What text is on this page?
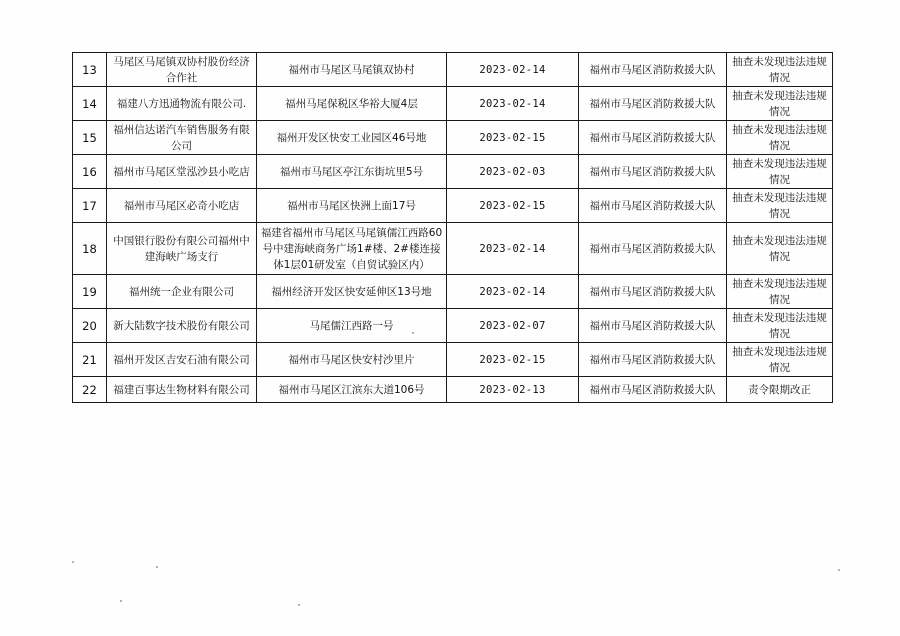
13	马尾区马尾镇双协村股份经济合作社	福州市马尾区马尾镇双协村	2023-02-14	福州市马尾区消防救援大队	抽查未发现违法违规情况
14	福建八方迅通物流有限公司.	福州马尾保税区华裕大厦4层	2023-02-14	福州市马尾区消防救援大队	抽查未发现违法违规情况
15	福州信达诺汽车销售服务有限公司	福州开发区快安工业园区46号地	2023-02-15	福州市马尾区消防救援大队	抽查未发现违法违规情况
16	福州市马尾区堂泓沙县小吃店	福州市马尾区亭江东街坑里5号	2023-02-03	福州市马尾区消防救援大队	抽查未发现违法违规情况
17	福州市马尾区必奇小吃店	福州市马尾区快洲上面17号	2023-02-15	福州市马尾区消防救援大队	抽查未发现违法违规情况
18	中国银行股份有限公司福州中建海峡广场支行	福建省福州市马尾区马尾镇儒江西路60号中建海峡商务广场1#楼、2#楼连接体1层01研发室（自贸试验区内）	2023-02-14	福州市马尾区消防救援大队	抽查未发现违法违规情况
19	福州统一企业有限公司	福州经济开发区快安延伸区13号地	2023-02-14	福州市马尾区消防救援大队	抽查未发现违法违规情况
20	新大陆数字技术股份有限公司	马尾儒江西路一号	2023-02-07	福州市马尾区消防救援大队	抽查未发现违法违规情况
21	福州开发区吉安石油有限公司	福州市马尾区快安村沙里片	2023-02-15	福州市马尾区消防救援大队	抽查未发现违法违规情况
22	福建百事达生物材料有限公司	福州市马尾区江滨东大道106号	2023-02-13	福州市马尾区消防救援大队	责令限期改正
